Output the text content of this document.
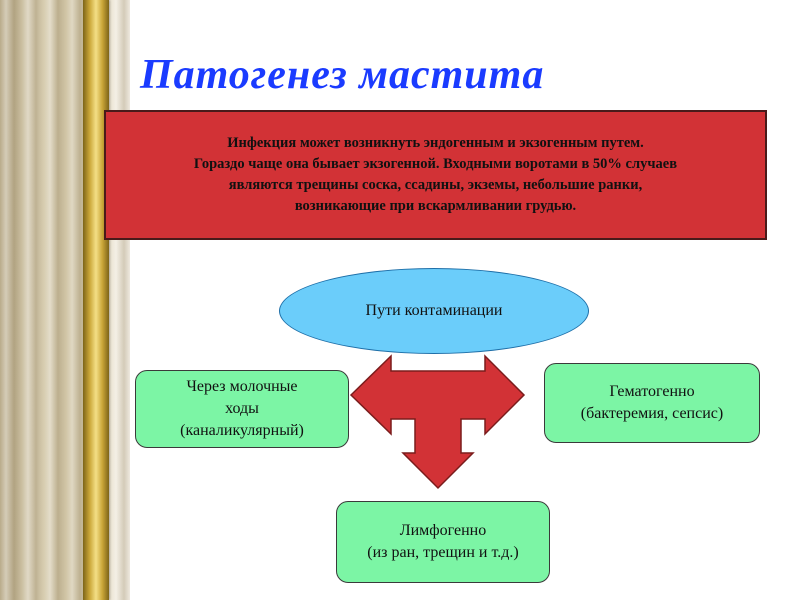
Патогенез мастита
Инфекция может возникнуть эндогенным и экзогенным путем.
Гораздо чаще она бывает экзогенной. Входными воротами в 50% случаев
являются трещины соска, ссадины, экземы, небольшие ранки,
возникающие при вскармливании грудью.
Пути контаминации
Через молочные
ходы
(каналикулярный)
Гематогенно
(бактеремия, сепсис)
Лимфогенно
(из ран, трещин и т.д.)
